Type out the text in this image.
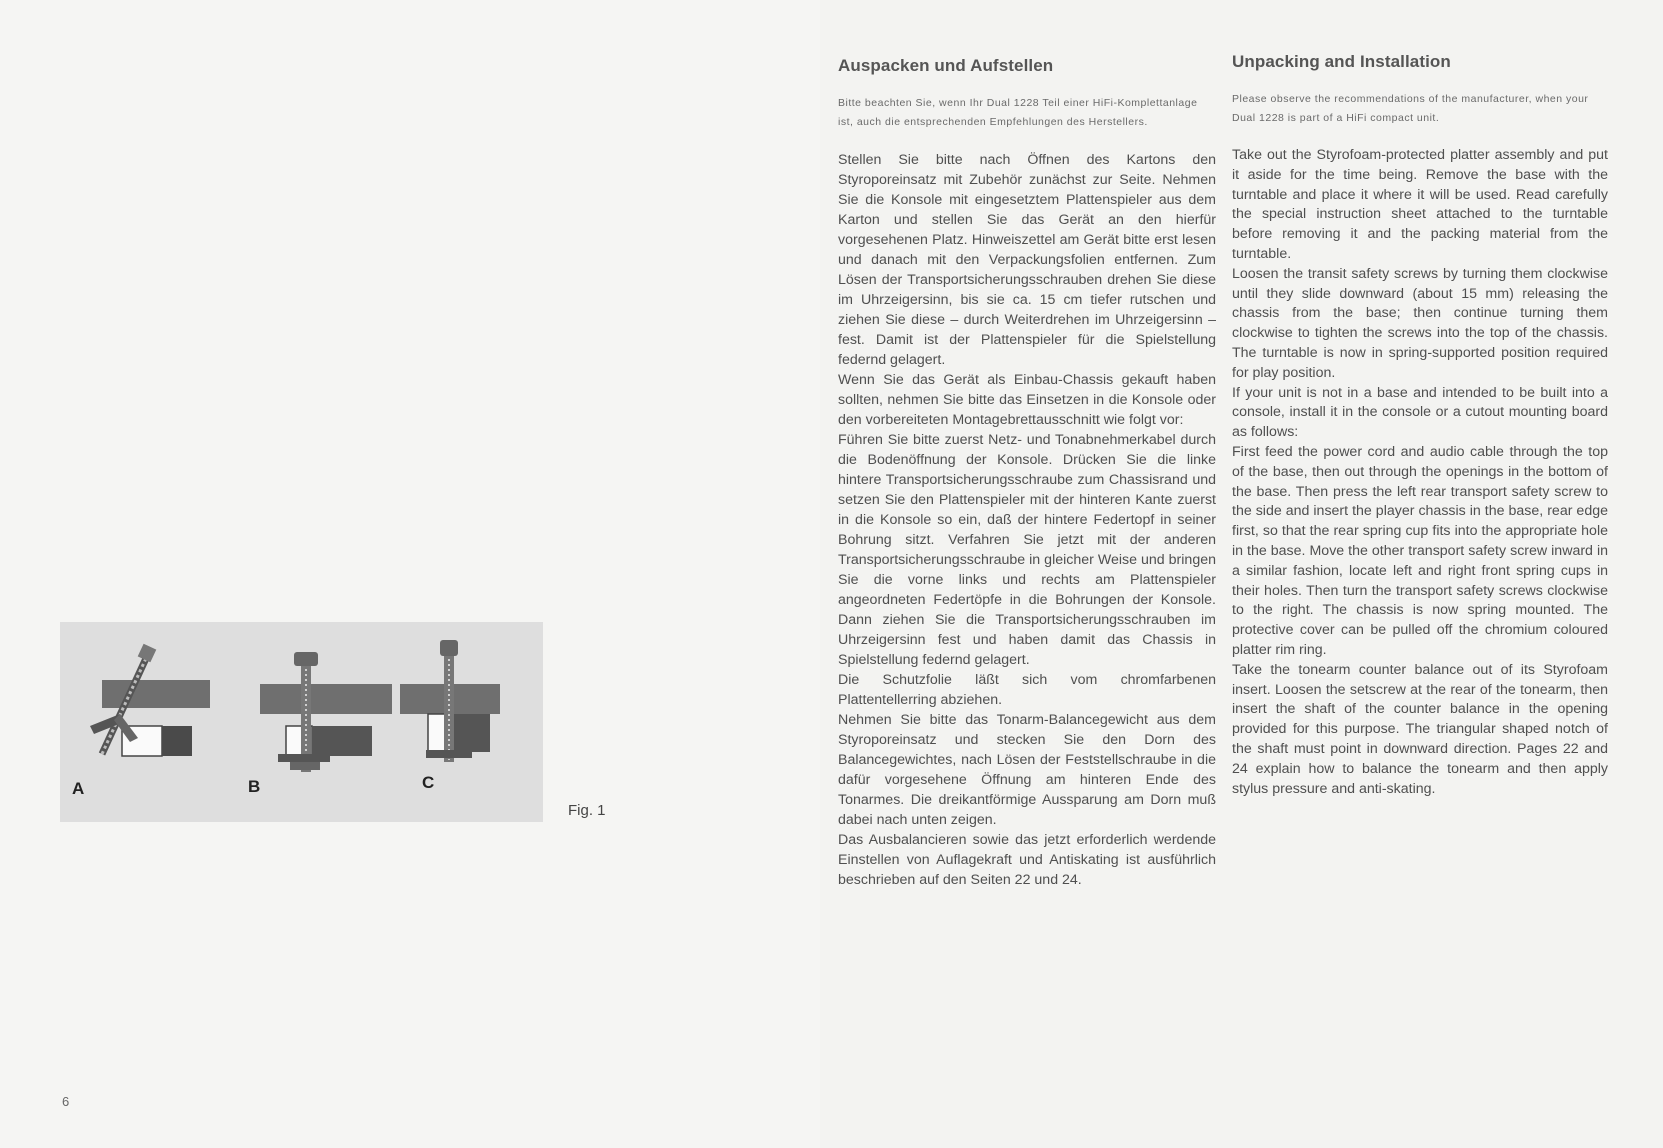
A	B	C
Fig. 1
6
Auspacken und Aufstellen
Bitte beachten Sie, wenn Ihr Dual 1228 Teil einer HiFi-Komplettanlage ist, auch die entsprechenden Empfehlungen des Herstellers.

Stellen Sie bitte nach Öffnen des Kartons den Styroporeinsatz mit Zubehör zunächst zur Seite. Nehmen Sie die Konsole mit eingesetztem Plattenspieler aus dem Karton und stellen Sie das Gerät an den hierfür vorgesehenen Platz. Hinweiszettel am Gerät bitte erst lesen und danach mit den Verpackungsfolien entfernen. Zum Lösen der Transportsicherungsschrauben drehen Sie diese im Uhrzeigersinn, bis sie ca. 15 cm tiefer rutschen und ziehen Sie diese – durch Weiterdrehen im Uhrzeigersinn – fest. Damit ist der Plattenspieler für die Spielstellung federnd gelagert.

Wenn Sie das Gerät als Einbau-Chassis gekauft haben sollten, nehmen Sie bitte das Einsetzen in die Konsole oder den vorbereiteten Montagebrettausschnitt wie folgt vor:

Führen Sie bitte zuerst Netz- und Tonabnehmerkabel durch die Bodenöffnung der Konsole. Drücken Sie die linke hintere Transportsicherungsschraube zum Chassisrand und setzen Sie den Plattenspieler mit der hinteren Kante zuerst in die Konsole so ein, daß der hintere Federtopf in seiner Bohrung sitzt. Verfahren Sie jetzt mit der anderen Transportsicherungsschraube in gleicher Weise und bringen Sie die vorne links und rechts am Plattenspieler angeordneten Federtöpfe in die Bohrungen der Konsole. Dann ziehen Sie die Transportsicherungsschrauben im Uhrzeigersinn fest und haben damit das Chassis in Spielstellung federnd gelagert.

Die Schutzfolie läßt sich vom chromfarbenen Plattentellerring abziehen.

Nehmen Sie bitte das Tonarm-Balancegewicht aus dem Styroporeinsatz und stecken Sie den Dorn des Balancegewichtes, nach Lösen der Feststellschraube in die dafür vorgesehene Öffnung am hinteren Ende des Tonarmes. Die dreikantförmige Aussparung am Dorn muß dabei nach unten zeigen.

Das Ausbalancieren sowie das jetzt erforderlich werdende Einstellen von Auflagekraft und Antiskating ist ausführlich beschrieben auf den Seiten 22 und 24.

Unpacking and Installation
Please observe the recommendations of the manufacturer, when your Dual 1228 is part of a HiFi compact unit.

Take out the Styrofoam-protected platter assembly and put it aside for the time being. Remove the base with the turntable and place it where it will be used. Read carefully the special instruction sheet attached to the turntable before removing it and the packing material from the turntable.

Loosen the transit safety screws by turning them clockwise until they slide downward (about 15 mm) releasing the chassis from the base; then continue turning them clockwise to tighten the screws into the top of the chassis. The turntable is now in spring-supported position required for play position.

If your unit is not in a base and intended to be built into a console, install it in the console or a cutout mounting board as follows:

First feed the power cord and audio cable through the top of the base, then out through the openings in the bottom of the base. Then press the left rear transport safety screw to the side and insert the player chassis in the base, rear edge first, so that the rear spring cup fits into the appropriate hole in the base. Move the other transport safety screw inward in a similar fashion, locate left and right front spring cups in their holes. Then turn the transport safety screws clockwise to the right. The chassis is now spring mounted. The protective cover can be pulled off the chromium coloured platter rim ring.

Take the tonearm counter balance out of its Styrofoam insert. Loosen the setscrew at the rear of the tonearm, then insert the shaft of the counter balance in the opening provided for this purpose. The triangular shaped notch of the shaft must point in downward direction. Pages 22 and 24 explain how to balance the tonearm and then apply stylus pressure and anti-skating.
